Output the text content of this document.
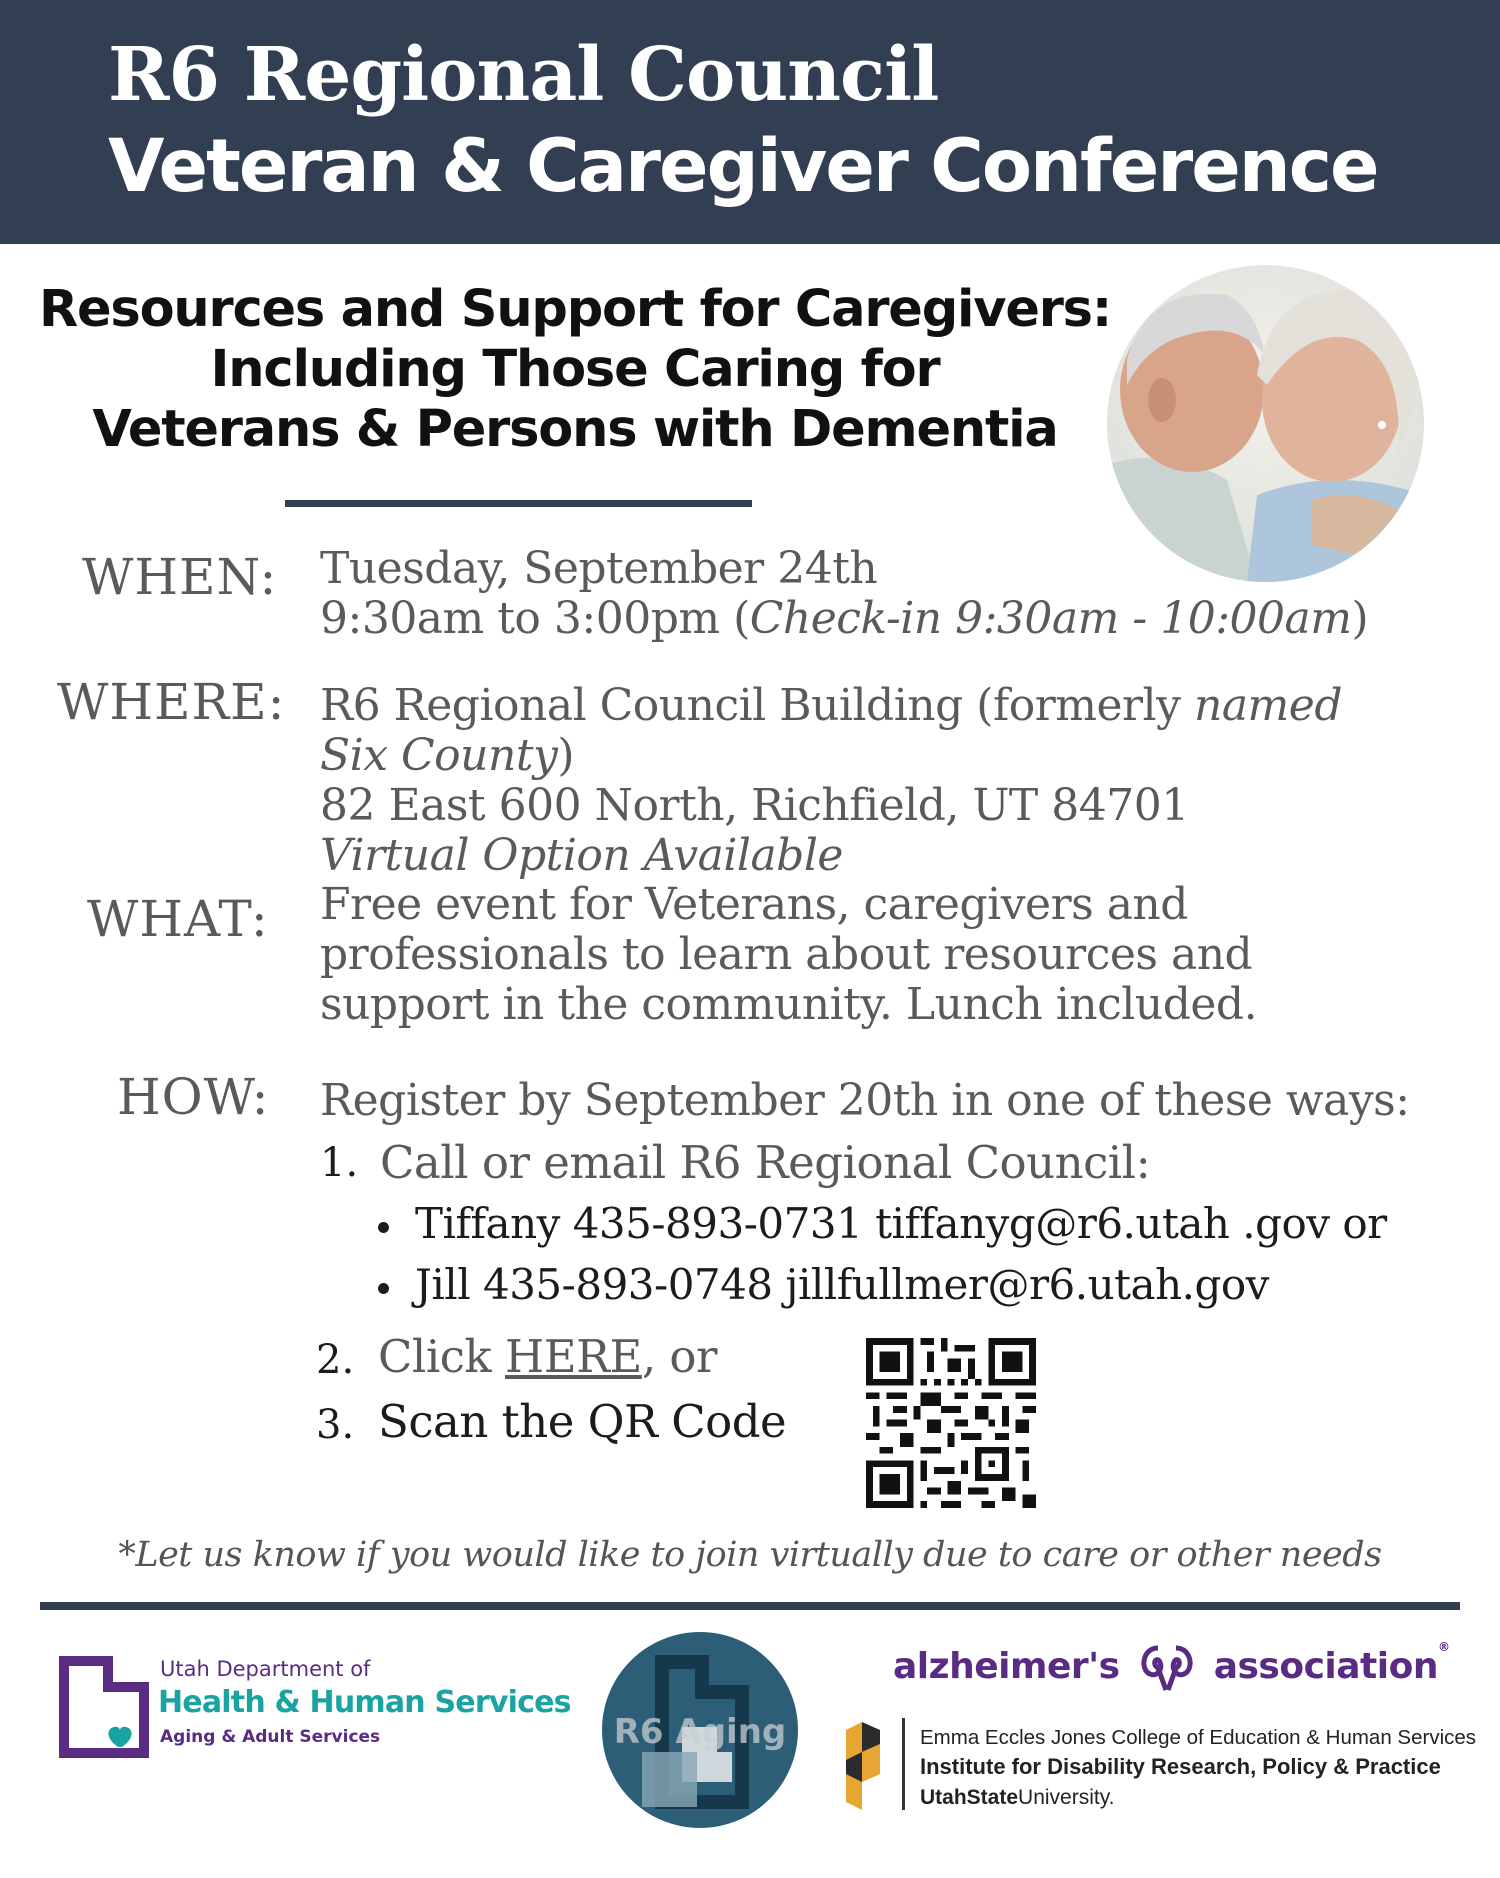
R6 Regional Council
Veteran & Caregiver Conference
Resources and Support for Caregivers:
Including Those Caring for
Veterans & Persons with Dementia
WHEN: Tuesday, September 24th
9:30am to 3:00pm (Check-in 9:30am - 10:00am)
WHERE: R6 Regional Council Building (formerly named
Six County)
82 East 600 North, Richfield, UT 84701
Virtual Option Available
WHAT: Free event for Veterans, caregivers and
professionals to learn about resources and
support in the community. Lunch included.
HOW: Register by September 20th in one of these ways:
1. Call or email R6 Regional Council:
Tiffany 435-893-0731 tiffanyg@r6.utah .gov or
Jill 435-893-0748 jillfullmer@r6.utah.gov
2. Click HERE, or
3. Scan the QR Code
*Let us know if you would like to join virtually due to care or other needs
Utah Department of
Health & Human Services
Aging & Adult Services	R6 Aging
alzheimer's	association®
Emma Eccles Jones College of Education & Human Services
Institute for Disability Research, Policy & Practice
UtahStateUniversity.
